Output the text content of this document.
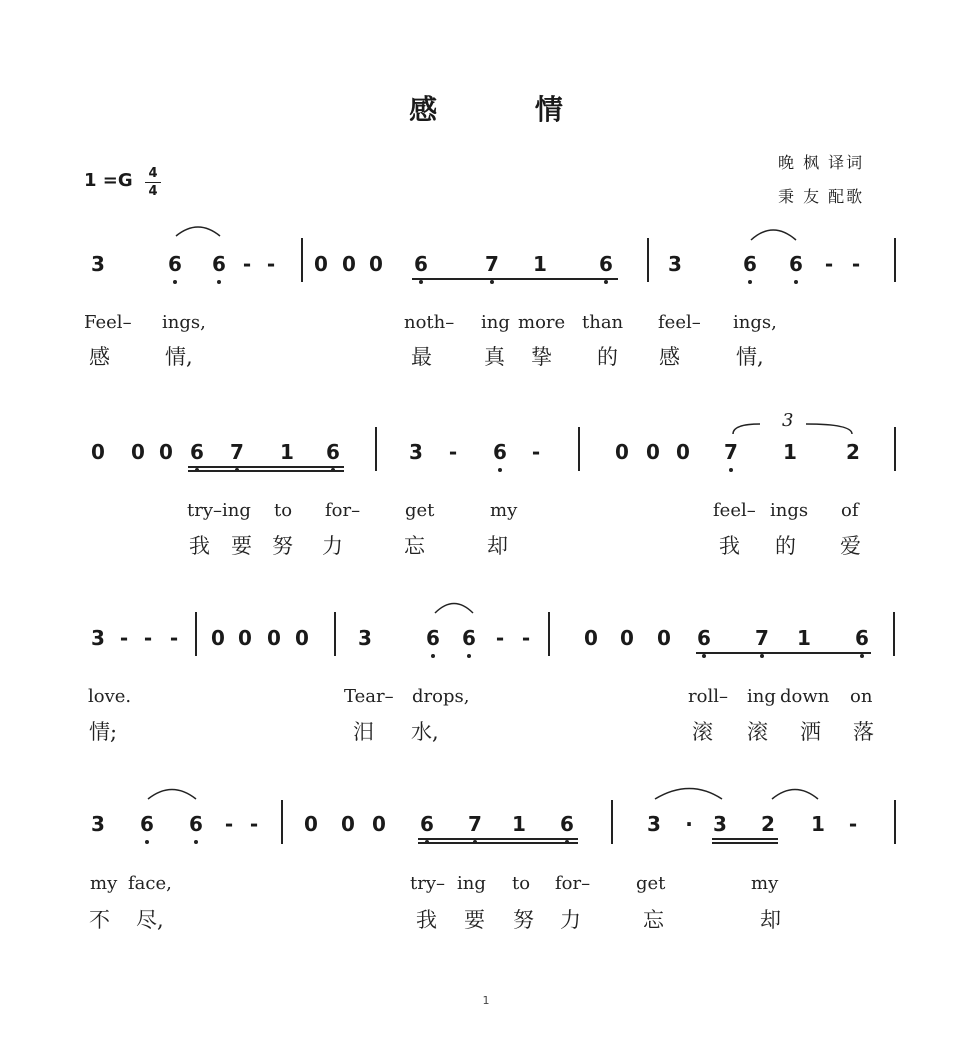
感 情
1 =G 4
4
晚 枫 译词
秉 友 配歌
3	6 6 - - 0 0 0 6	7 1	6	3	6 6 - -
Feel– ings,	noth– ing more than feel– ings,
感	情,	最 真 挚 的 感	情,
0 0 0 6 7 1 6	3 - 6 -	0 0 0 7 1 2
try–ing to for– get	my	feel– ings of
我 要 努 力	忘	却	我 的 爱
3 - - - 0 0 0 0 3	6 6 - -	0 0 0 6 7 1 6
love.	Tear– drops,	roll– ing down on
情;	汨 水,	滚 滚 洒 落
3 6 6 - - 0 0 0 6 7 1 6	3 · 3 2 1 -
my face,	try– ing to for–	get	my
不 尽,	我 要 努 力	忘	却
3
1
